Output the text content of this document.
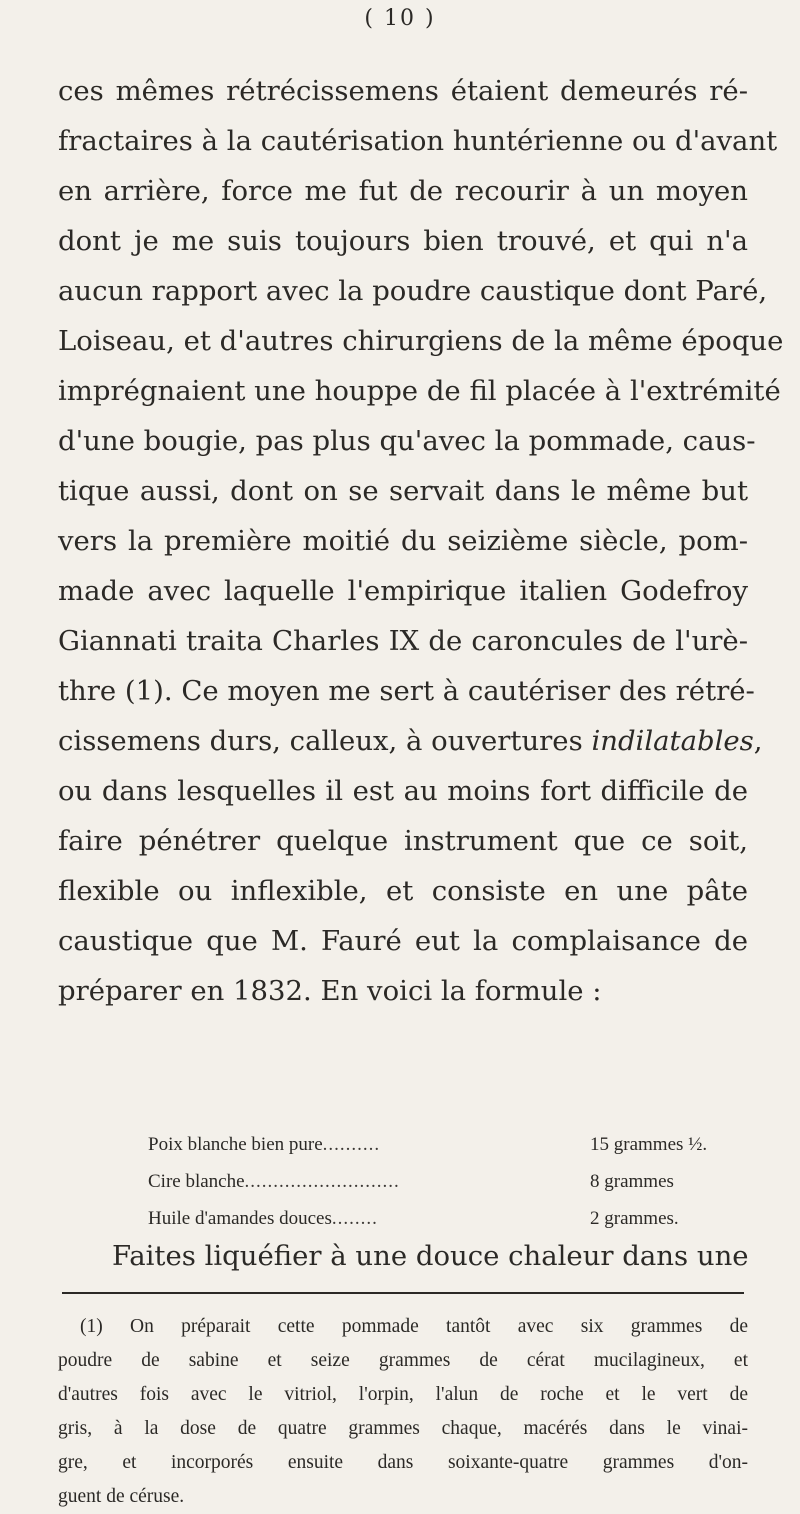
( 10 )
ces mêmes rétrécissemens étaient demeurés ré-
fractaires à la cautérisation huntérienne ou d'avant
en arrière, force me fut de recourir à un moyen
dont je me suis toujours bien trouvé, et qui n'a
aucun rapport avec la poudre caustique dont Paré,
Loiseau, et d'autres chirurgiens de la même époque
imprégnaient une houppe de fil placée à l'extrémité
d'une bougie, pas plus qu'avec la pommade, caus-
tique aussi, dont on se servait dans le même but
vers la première moitié du seizième siècle, pom-
made avec laquelle l'empirique italien Godefroy
Giannati traita Charles IX de caroncules de l'urè-
thre (1). Ce moyen me sert à cautériser des rétré-
cissemens durs, calleux, à ouvertures indilatables,
ou dans lesquelles il est au moins fort difficile de
faire pénétrer quelque instrument que ce soit,
flexible ou inflexible, et consiste en une pâte
caustique que M. Fauré eut la complaisance de
préparer en 1832. En voici la formule :
Poix blanche bien pure ..........	15 grammes ½.
Cire blanche ...........................	8 grammes
Huile d'amandes douces ........	2 grammes.
Faites liquéfier à une douce chaleur dans une
(1) On préparait cette pommade tantôt avec six grammes de
poudre de sabine et seize grammes de cérat mucilagineux, et
d'autres fois avec le vitriol, l'orpin, l'alun de roche et le vert de
gris, à la dose de quatre grammes chaque, macérés dans le vinai-
gre, et incorporés ensuite dans soixante-quatre grammes d'on-
guent de céruse.
